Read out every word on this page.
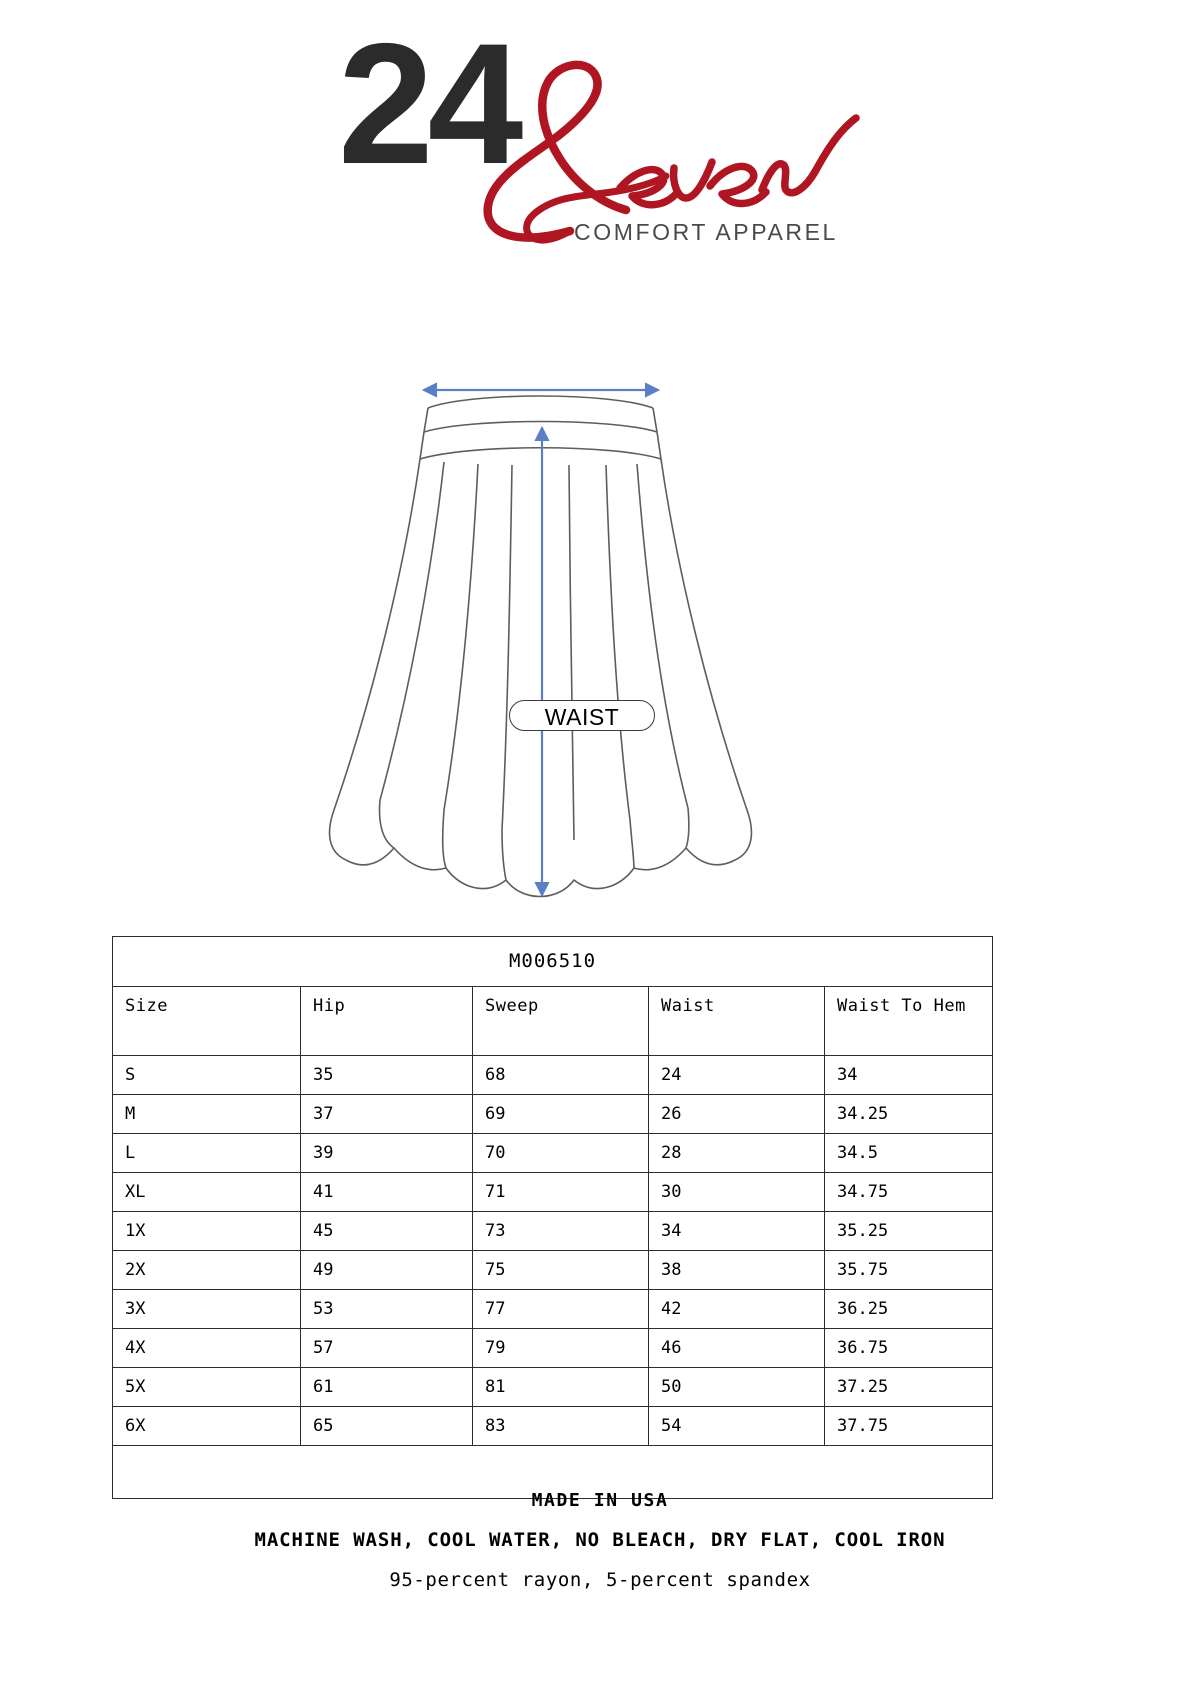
24
COMFORT APPAREL
WAIST
M006510				
Size	Hip	Sweep	Waist	Waist To Hem
S	35	68	24	34
M	37	69	26	34.25
L	39	70	28	34.5
XL	41	71	30	34.75
1X	45	73	34	35.25
2X	49	75	38	35.75
3X	53	77	42	36.25
4X	57	79	46	36.75
5X	61	81	50	37.25
6X	65	83	54	37.75

MADE IN USA
MACHINE WASH, COOL WATER, NO BLEACH, DRY FLAT, COOL IRON
95-percent rayon, 5-percent spandex
